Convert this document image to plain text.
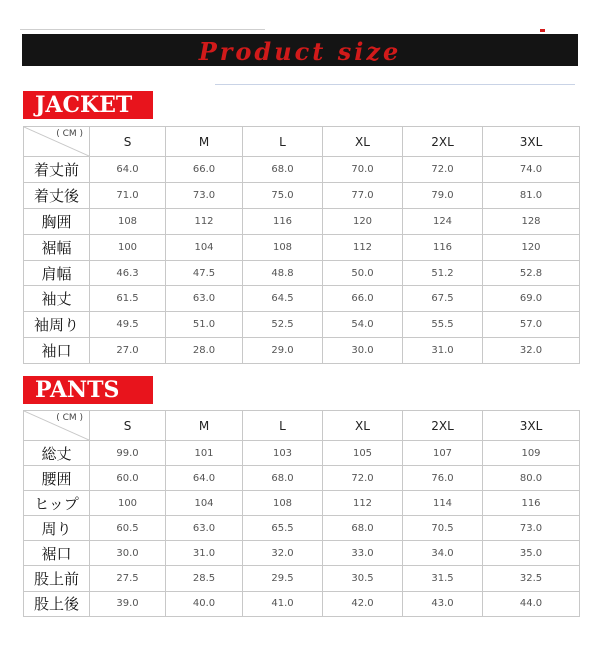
Product size
JACKET
( CM )	S	M	L	XL	2XL	3XL
着丈前	64.0	66.0	68.0	70.0	72.0	74.0
着丈後	71.0	73.0	75.0	77.0	79.0	81.0
胸囲	108	112	116	120	124	128
裾幅	100	104	108	112	116	120
肩幅	46.3	47.5	48.8	50.0	51.2	52.8
袖丈	61.5	63.0	64.5	66.0	67.5	69.0
袖周り	49.5	51.0	52.5	54.0	55.5	57.0
袖口	27.0	28.0	29.0	30.0	31.0	32.0
PANTS
( CM )	S	M	L	XL	2XL	3XL
総丈	99.0	101	103	105	107	109
腰囲	60.0	64.0	68.0	72.0	76.0	80.0
ヒップ	100	104	108	112	114	116
周り	60.5	63.0	65.5	68.0	70.5	73.0
裾口	30.0	31.0	32.0	33.0	34.0	35.0
股上前	27.5	28.5	29.5	30.5	31.5	32.5
股上後	39.0	40.0	41.0	42.0	43.0	44.0
